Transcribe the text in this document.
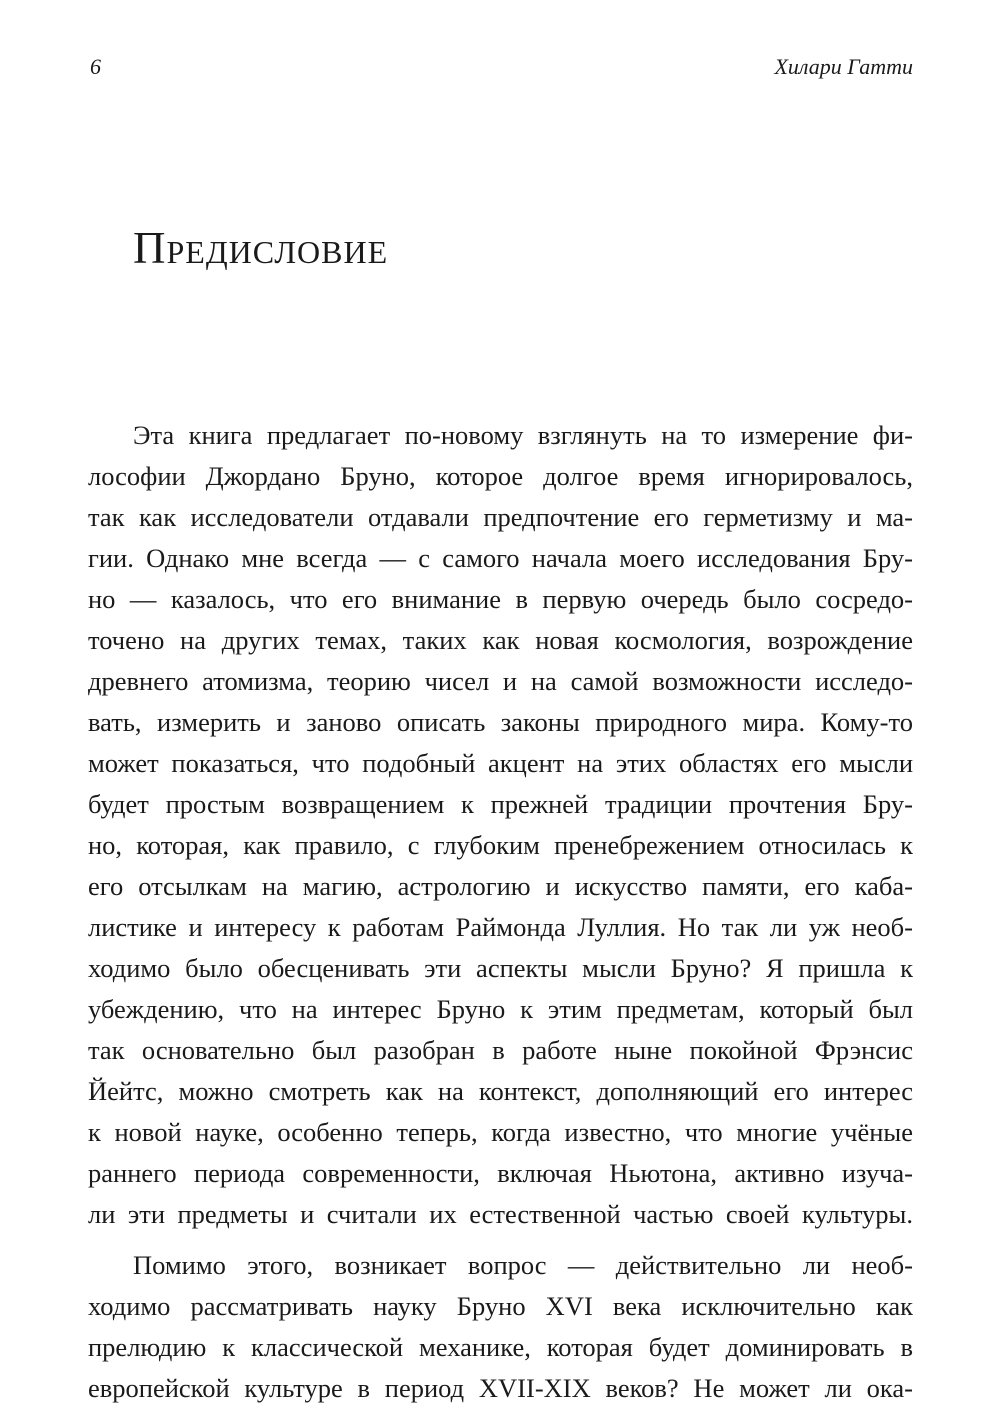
6	Хилари Гатти
Предисловие
Эта книга предлагает по-новому взглянуть на то измерение фи-
лософии Джордано Бруно, которое долгое время игнорировалось,
так как исследователи отдавали предпочтение его герметизму и ма-
гии. Однако мне всегда — с самого начала моего исследования Бру-
но — казалось, что его внимание в первую очередь было сосредо-
точено на других темах, таких как новая космология, возрождение
древнего атомизма, теорию чисел и на самой возможности исследо-
вать, измерить и заново описать законы природного мира. Кому-то
может показаться, что подобный акцент на этих областях его мысли
будет простым возвращением к прежней традиции прочтения Бру-
но, которая, как правило, с глубоким пренебрежением относилась к
его отсылкам на магию, астрологию и искусство памяти, его каба-
листике и интересу к работам Раймонда Луллия. Но так ли уж необ-
ходимо было обесценивать эти аспекты мысли Бруно? Я пришла к
убеждению, что на интерес Бруно к этим предметам, который был
так основательно был разобран в работе ныне покойной Фрэнсис
Йейтс, можно смотреть как на контекст, дополняющий его интерес
к новой науке, особенно теперь, когда известно, что многие учёные
раннего периода современности, включая Ньютона, активно изуча-
ли эти предметы и считали их естественной частью своей культуры.
Помимо этого, возникает вопрос — действительно ли необ-
ходимо рассматривать науку Бруно XVI века исключительно как
прелюдию к классической механике, которая будет доминировать в
европейской культуре в период XVII-XIX веков? Не может ли ока-
